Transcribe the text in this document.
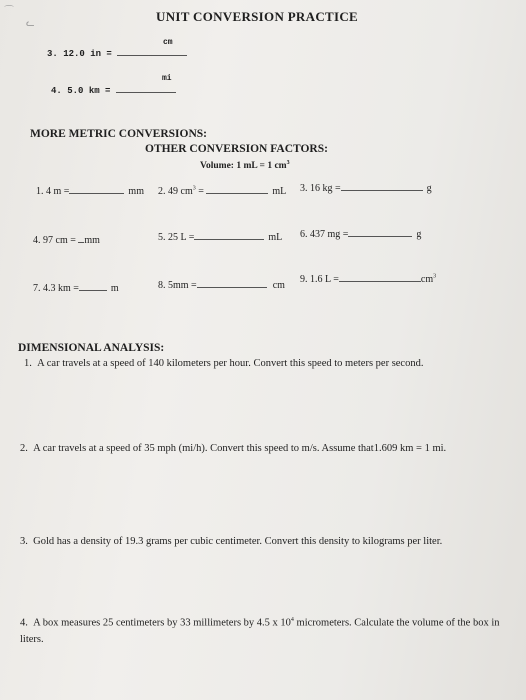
⌒
ᓚ	UNIT CONVERSION PRACTICE
3. 12.0 in =
cm
4. 5.0 km =
mi
MORE METRIC CONVERSIONS:
OTHER CONVERSION FACTORS:
Volume: 1 mL = 1 $cm^3$
1. 4 m =	mm 2. 49 $cm^3$ =	mL 3. 16 kg =	g
4. 97 cm = mm	5. 25 L =	mL 6. 437 mg =	g
7. 4.3 km =	m	8. 5mm =	cm
9. 1.6 L =	$cm^3$
DIMENSIONAL ANALYSIS:
1. A car travels at a speed of 140 kilometers per hour. Convert this speed to meters per second.
2. A car travels at a speed of 35 mph (mi/h). Convert this speed to m/s. Assume that1.609 km = 1 mi.
3. Gold has a density of 19.3 grams per cubic centimeter. Convert this density to kilograms per liter.
4. A box measures 25 centimeters by 33 millimeters by 4.5 x $10^4$ micrometers. Calculate the volume of the box in liters.
